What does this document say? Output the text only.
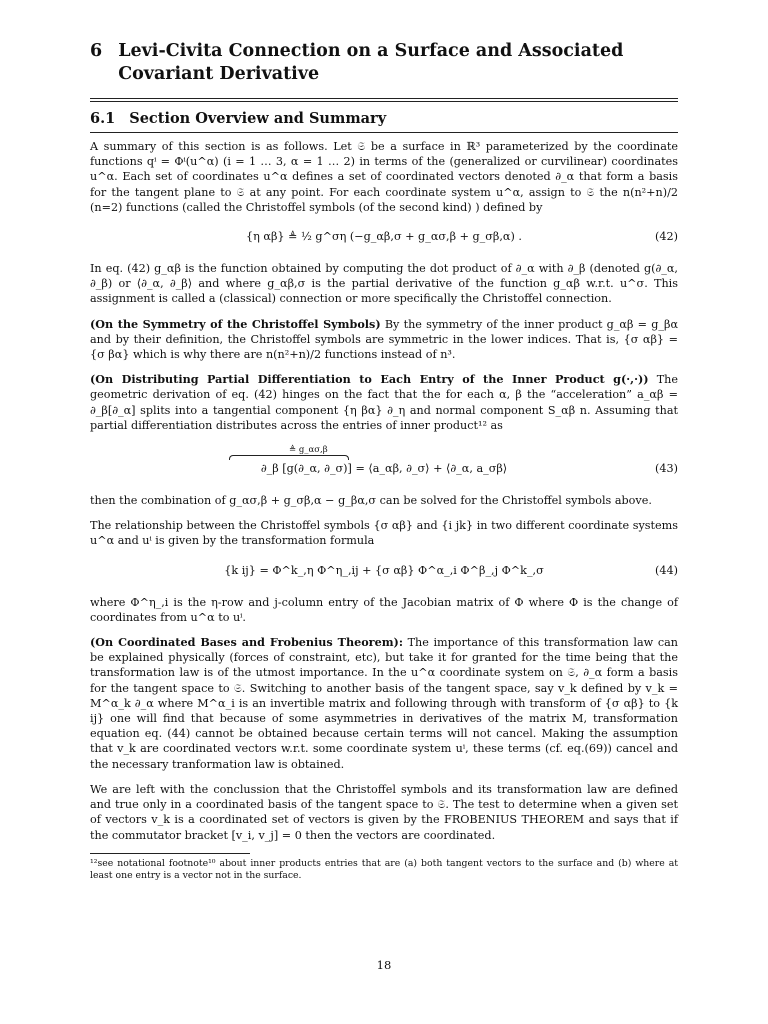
6 Levi-Civita Connection on a Surface and Associated Covariant Derivative
6.1 Section Overview and Summary

A summary of this section is as follows. Let 𝔖 be a surface in ℝ³ parameterized by the coordinate functions qⁱ = Φⁱ(u^α) (i = 1 … 3, α = 1 … 2) in terms of the (generalized or curvilinear) coordinates u^α. Each set of coordinates u^α defines a set of coordinated vectors denoted ∂_α that form a basis for the tangent plane to 𝔖 at any point. For each coordinate system u^α, assign to 𝔖 the n(n²+n)/2 (n=2) functions (called the Christoffel symbols (of the second kind) ) defined by

{η αβ} ≜ ½ g^ση (−g_αβ,σ + g_ασ,β + g_σβ,α) .	(42)

In eq. (42) g_αβ is the function obtained by computing the dot product of ∂_α with ∂_β (denoted g(∂_α, ∂_β) or ⟨∂_α, ∂_β⟩ and where g_αβ,σ is the partial derivative of the function g_αβ w.r.t. u^σ. This assignment is called a (classical) connection or more specifically the Christoffel connection.

(On the Symmetry of the Christoffel Symbols) By the symmetry of the inner product g_αβ = g_βα and by their definition, the Christoffel symbols are symmetric in the lower indices. That is, {σ αβ} = {σ βα} which is why there are n(n²+n)/2 functions instead of n³.

(On Distributing Partial Differentiation to Each Entry of the Inner Product g(·,·)) The geometric derivation of eq. (42) hinges on the fact that the for each α, β the “acceleration” a_αβ = ∂_β[∂_α] splits into a tangential component {η βα} ∂_η and normal component S_αβ n. Assuming that partial differentiation distributes across the entries of inner product¹² as

≜ g_ασ,β
∂_β [g(∂_α, ∂_σ)] = ⟨a_αβ, ∂_σ⟩ + ⟨∂_α, a_σβ⟩	(43)

then the combination of g_ασ,β + g_σβ,α − g_βα,σ can be solved for the Christoffel symbols above.

The relationship between the Christoffel symbols {σ αβ} and {i jk} in two different coordinate systems u^α and uⁱ is given by the transformation formula

{k ij} = Φ^k_,η Φ^η_,ij + {σ αβ} Φ^α_,i Φ^β_,j Φ^k_,σ	(44)

where Φ^η_,i is the η-row and j-column entry of the Jacobian matrix of Φ where Φ is the change of coordinates from u^α to uⁱ.

(On Coordinated Bases and Frobenius Theorem): The importance of this transformation law can be explained physically (forces of constraint, etc), but take it for granted for the time being that the transformation law is of the utmost importance. In the u^α coordinate system on 𝔖, ∂_α form a basis for the tangent space to 𝔖. Switching to another basis of the tangent space, say v_k defined by v_k = M^α_k ∂_α where M^α_i is an invertible matrix and following through with transform of {σ αβ} to {k ij} one will find that because of some asymmetries in derivatives of the matrix M, transformation equation eq. (44) cannot be obtained because certain terms will not cancel. Making the assumption that v_k are coordinated vectors w.r.t. some coordinate system uⁱ, these terms (cf. eq.(69)) cancel and the necessary tranformation law is obtained.

We are left with the conclussion that the Christoffel symbols and its transformation law are defined and true only in a coordinated basis of the tangent space to 𝔖. The test to determine when a given set of vectors v_k is a coordinated set of vectors is given by the FROBENIUS THEOREM and says that if the commutator bracket [v_i, v_j] = 0 then the vectors are coordinated.

¹²see notational footnote¹⁰ about inner products entries that are (a) both tangent vectors to the surface and (b) where at least one entry is a vector not in the surface.

18
